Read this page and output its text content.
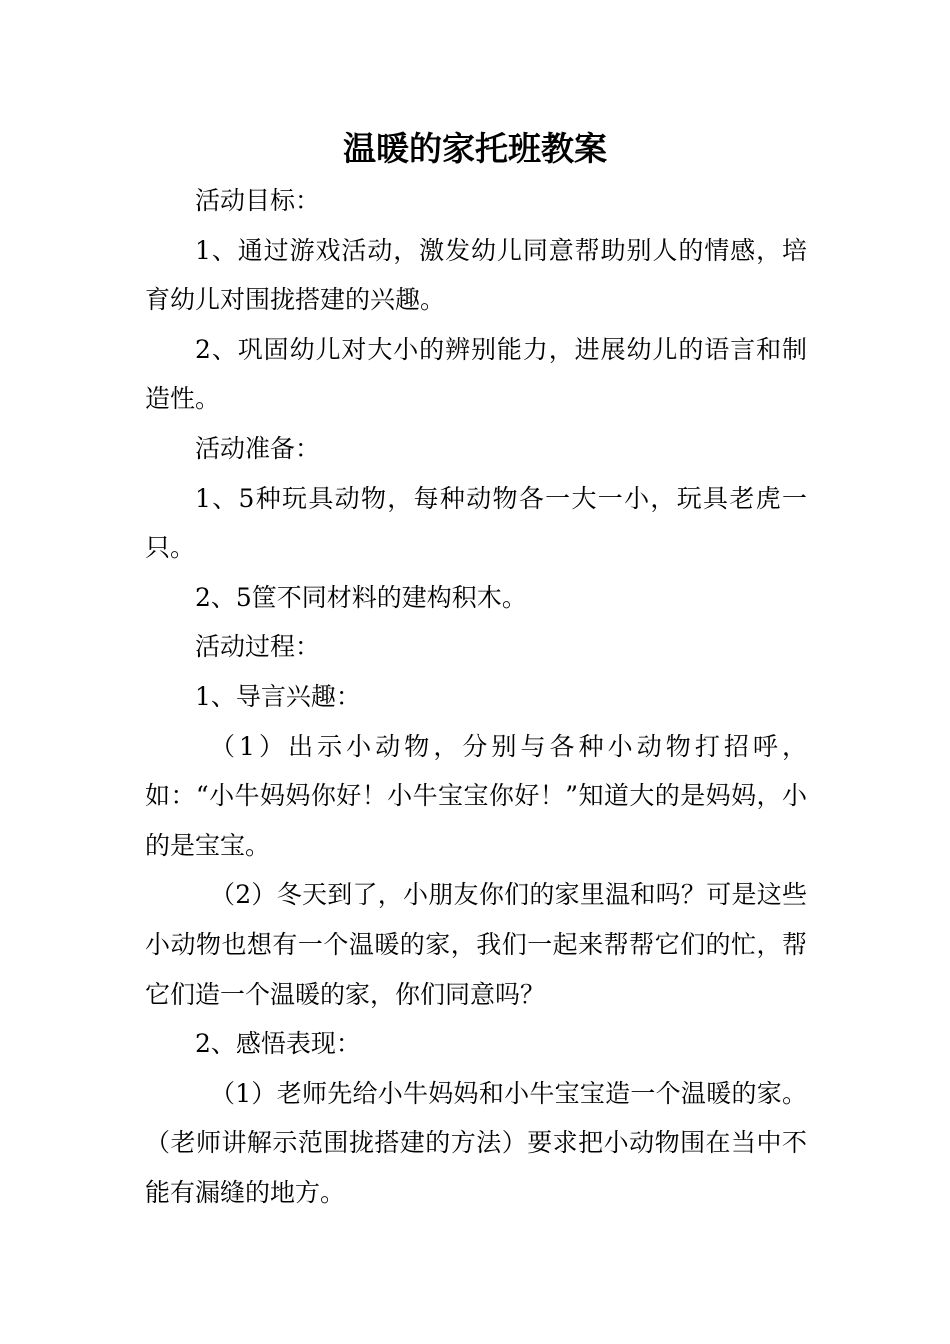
温暖的家托班教案

活动目标：

1、通过游戏活动，激发幼儿同意帮助别人的情感，培育幼儿对围拢搭建的兴趣。

2、巩固幼儿对大小的辨别能力，进展幼儿的语言和制造性。

活动准备：

1、5种玩具动物，每种动物各一大一小，玩具老虎一只。

2、5筐不同材料的建构积木。

活动过程：

1、导言兴趣：

（1）出示小动物，分别与各种小动物打招呼，如：“小牛妈妈你好！小牛宝宝你好！”知道大的是妈妈，小的是宝宝。

（2）冬天到了，小朋友你们的家里温和吗？可是这些小动物也想有一个温暖的家，我们一起来帮帮它们的忙，帮它们造一个温暖的家，你们同意吗？

2、感悟表现：

（1）老师先给小牛妈妈和小牛宝宝造一个温暖的家。（老师讲解示范围拢搭建的方法）要求把小动物围在当中不能有漏缝的地方。
